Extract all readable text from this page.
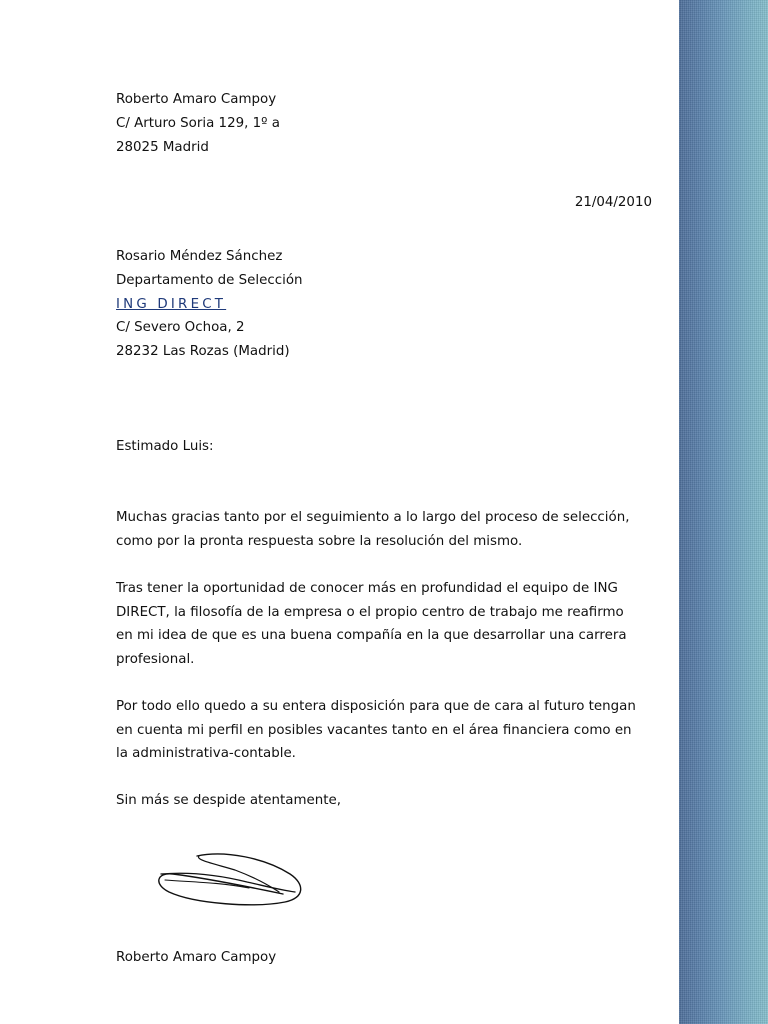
Roberto Amaro Campoy
C/ Arturo Soria 129, 1º a
28025 Madrid
21/04/2010
Rosario Méndez Sánchez
Departamento de Selección
ING DIRECT
C/ Severo Ochoa, 2
28232 Las Rozas (Madrid)
Estimado Luis:
Muchas gracias tanto por el seguimiento a lo largo del proceso de selección,
como por la pronta respuesta sobre la resolución del mismo.
Tras tener la oportunidad de conocer más en profundidad el equipo de ING
DIRECT, la filosofía de la empresa o el propio centro de trabajo me reafirmo
en mi idea de que es una buena compañía en la que desarrollar una carrera
profesional.
Por todo ello quedo a su entera disposición para que de cara al futuro tengan
en cuenta mi perfil en posibles vacantes tanto en el área financiera como en
la administrativa-contable.
Sin más se despide atentamente,
Roberto Amaro Campoy
